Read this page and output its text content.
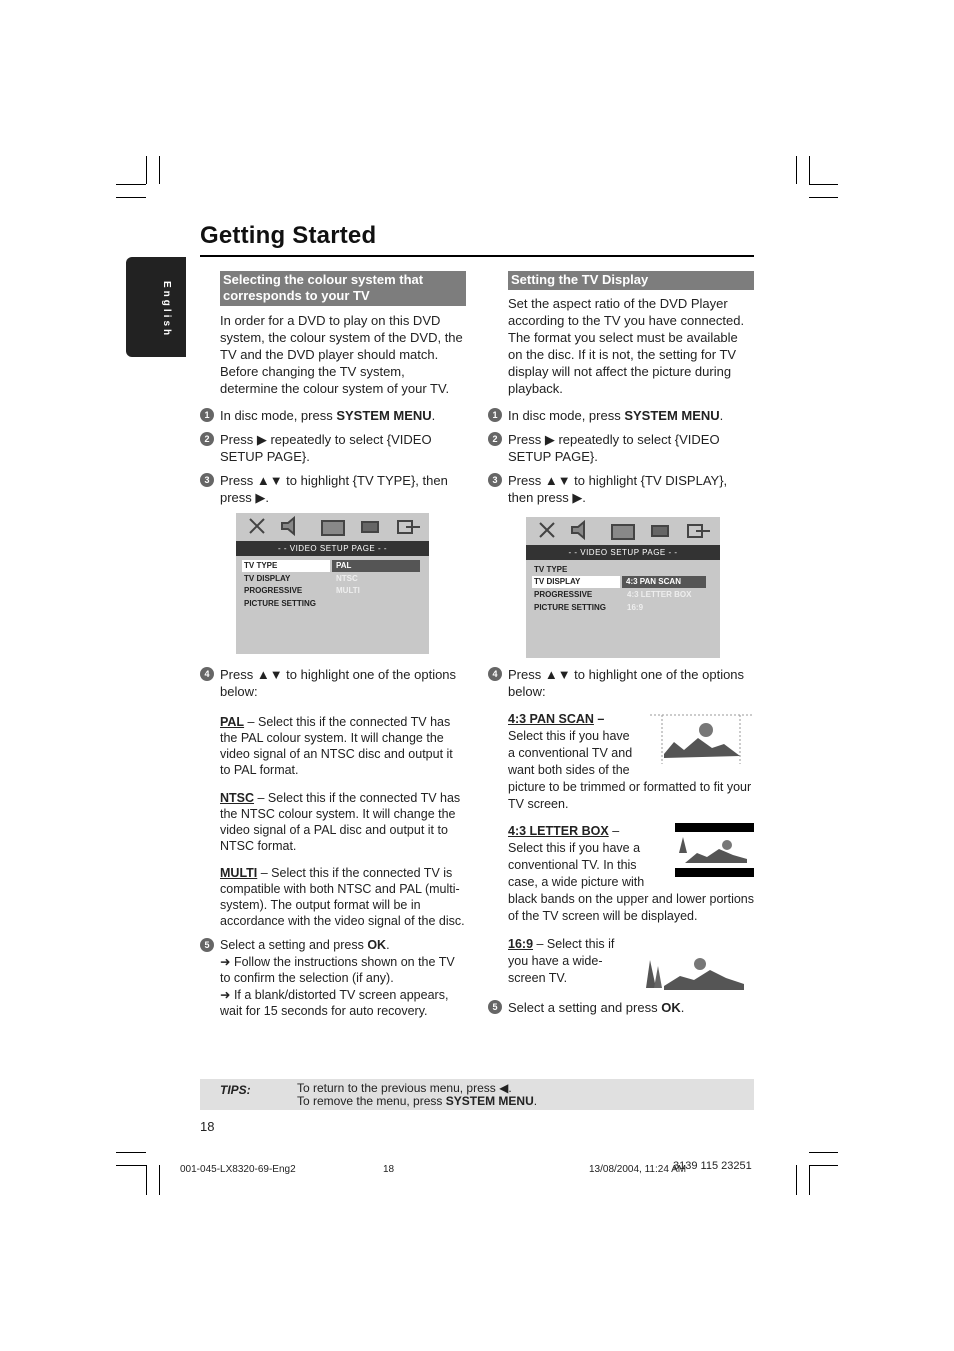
Getting Started
English
Selecting the colour system that corresponds to your TV

In order for a DVD to play on this DVD system, the colour system of the DVD, the TV and the DVD player should match. Before changing the TV system, determine the colour system of your TV.

1 In disc mode, press SYSTEM MENU.
2 Press ▶ repeatedly to select {VIDEO SETUP PAGE}.
3 Press ▲▼ to highlight {TV TYPE}, then press ▶.
- - VIDEO SETUP PAGE - -
TV TYPE
TV DISPLAY
PROGRESSIVE
PICTURE SETTING
PAL
NTSC
MULTI
4 Press ▲▼ to highlight one of the options below:

PAL – Select this if the connected TV has the PAL colour system. It will change the video signal of an NTSC disc and output it to PAL format.

NTSC – Select this if the connected TV has the NTSC colour system. It will change the video signal of a PAL disc and output it to NTSC format.

MULTI – Select this if the connected TV is compatible with both NTSC and PAL (multi-system). The output format will be in accordance with the video signal of the disc.

5 Select a setting and press OK.
➜ Follow the instructions shown on the TV to confirm the selection (if any).
➜ If a blank/distorted TV screen appears, wait for 15 seconds for auto recovery.
Setting the TV Display

Set the aspect ratio of the DVD Player according to the TV you have connected. The format you select must be available on the disc. If it is not, the setting for TV display will not affect the picture during playback.

1 In disc mode, press SYSTEM MENU.
2 Press ▶ repeatedly to select {VIDEO SETUP PAGE}.
3 Press ▲▼ to highlight {TV DISPLAY}, then press ▶.
- - VIDEO SETUP PAGE - -
TV TYPE
TV DISPLAY
PROGRESSIVE
PICTURE SETTING
4:3 PAN SCAN
4:3 LETTER BOX
16:9
4 Press ▲▼ to highlight one of the options below:
4:3 PAN SCAN –
Select this if you have
a conventional TV and
want both sides of the
picture to be trimmed or formatted to fit your TV screen.
4:3 LETTER BOX –
Select this if you have a
conventional TV. In this
case, a wide picture with
black bands on the upper and lower portions of the TV screen will be displayed.
16:9 – Select this if
you have a wide-
screen TV.
5 Select a setting and press OK.
TIPS:	To return to the previous menu, press ◀.
To remove the menu, press SYSTEM MENU.
18
001-045-LX8320-69-Eng2	18	13/08/2004, 11:24 AM
3139 115 23251
